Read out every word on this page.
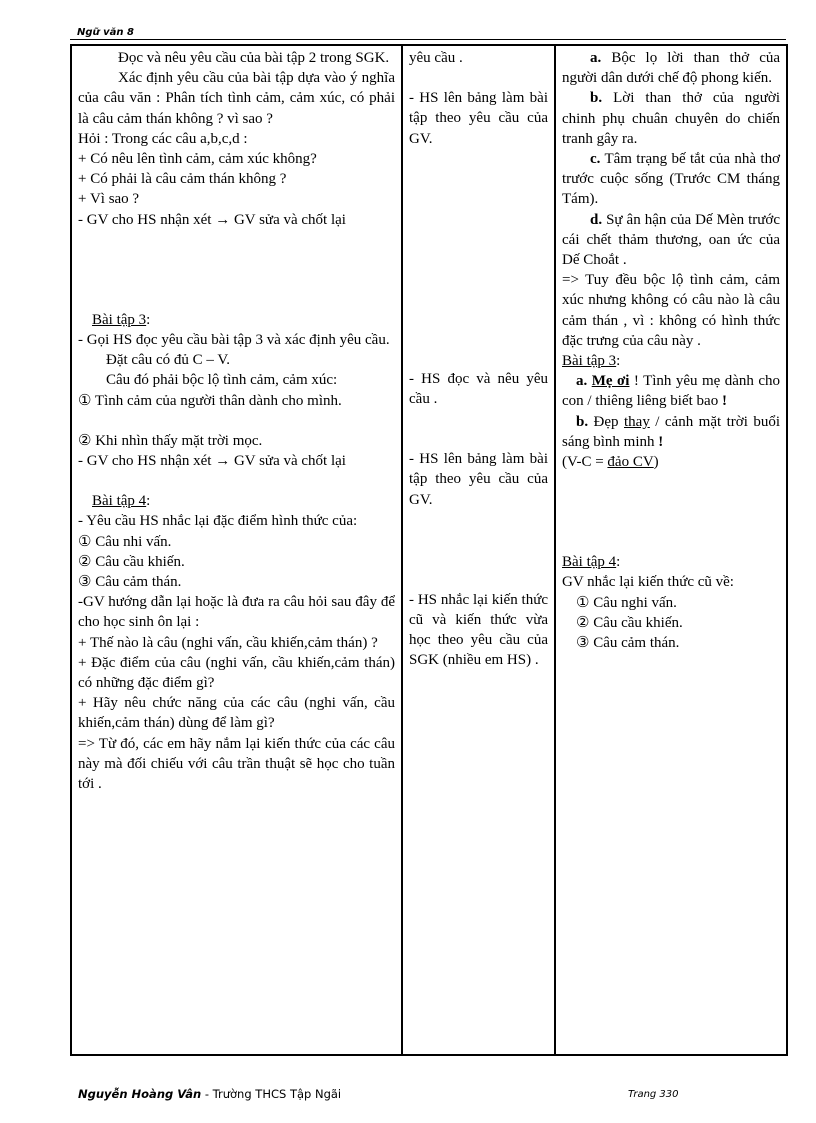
Ngữ văn 8
Đọc và nêu yêu cầu của bài tập 2 trong SGK.
Xác định yêu cầu của bài tập dựa vào ý nghĩa của câu văn : Phân tích tình cảm, cảm xúc, có phải là câu cảm thán không ? vì sao ?
Hỏi : Trong các câu a,b,c,d :
+ Có nêu lên tình cảm, cảm xúc không?
+ Có phải là câu cảm thán không ?
+ Vì sao ?
- GV cho HS nhận xét → GV sửa và chốt lại
Bài tập 3:
- Gọi HS đọc yêu cầu bài tập 3 và xác định yêu cầu.
Đặt câu có đủ C – V.
Câu đó phải bộc lộ tình cảm, cảm xúc:
① Tình cảm của người thân dành cho mình.
② Khi nhìn thấy mặt trời mọc.
- GV cho HS nhận xét → GV sửa và chốt lại
Bài tập 4:
- Yêu cầu HS nhắc lại đặc điểm hình thức của:
① Câu nhi vấn.
② Câu cầu khiến.
③ Câu cảm thán.
-GV hướng dẫn lại hoặc là đưa ra câu hỏi sau đây để cho học sinh ôn lại :
+ Thế nào là câu (nghi vấn, cầu khiến,cảm thán) ?
+ Đặc điểm của câu (nghi vấn, cầu khiến,cảm thán) có những đặc điểm gì?
+ Hãy nêu chức năng của các câu (nghi vấn, cầu khiến,cảm thán) dùng để làm gì?
=> Từ đó, các em hãy nắm lại kiến thức của các câu này mà đối chiếu với câu trần thuật sẽ học cho tuần tới .

yêu cầu .
- HS lên bảng làm bài tập theo yêu cầu của GV.
- HS đọc và nêu yêu cầu .
- HS lên bảng làm bài tập theo yêu cầu của GV.
- HS nhắc lại kiến thức cũ và kiến thức vừa học theo yêu cầu của SGK (nhiều em HS) .

a. Bộc lọ lời than thở của người dân dưới chế độ phong kiến.
b. Lời than thở của người chinh phụ chuân chuyên do chiến tranh gây ra.
c. Tâm trạng bế tắt của nhà thơ trước cuộc sống (Trước CM tháng Tám).
d. Sự ân hận của Dế Mèn trước cái chết thảm thương, oan ức của Dế Choắt .
=> Tuy đều bộc lộ tình cảm, cảm xúc nhưng không có câu nào là câu cảm thán , vì : không có hình thức đặc trưng của câu này .
Bài tập 3:
a. Mẹ ơi ! Tình yêu mẹ dành cho con / thiêng liêng biết bao !
b. Đẹp thay / cảnh mặt trời buổi sáng bình minh !
(V-C = đảo CV)
Bài tập 4:
GV nhắc lại kiến thức cũ về:
① Câu nghi vấn.
② Câu cầu khiến.
③ Câu cảm thán.
Nguyễn Hoàng Vân - Trường THCS Tập Ngãi	Trang 330
